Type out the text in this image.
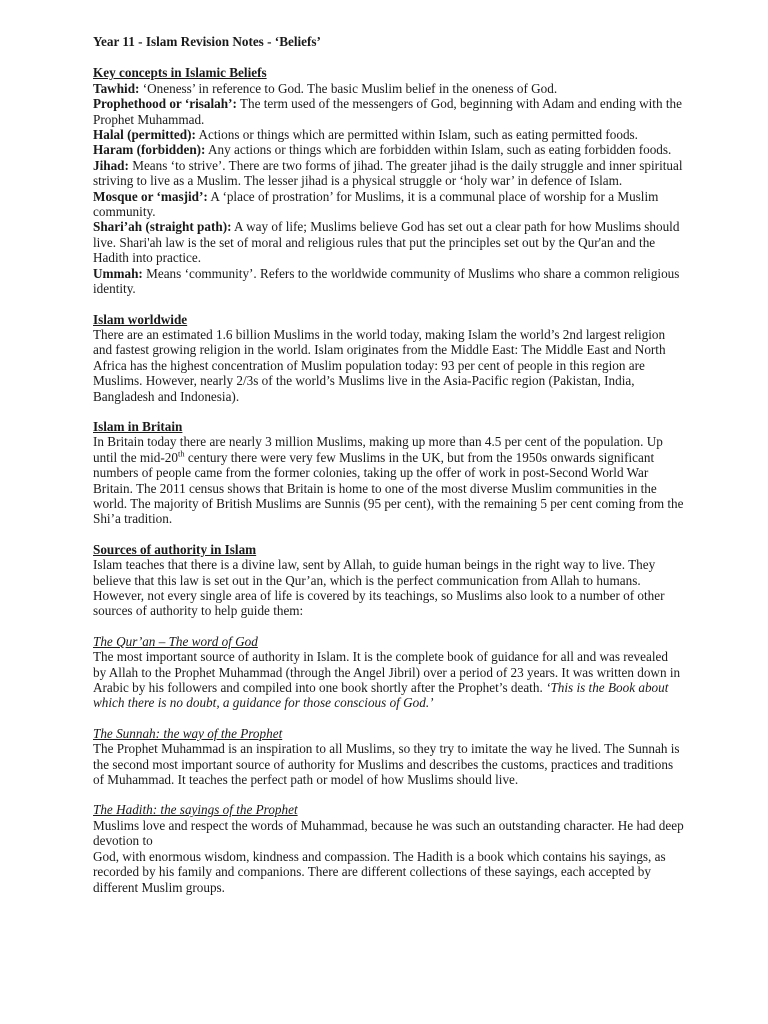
Year 11 - Islam Revision Notes - ‘Beliefs’

Key concepts in Islamic Beliefs

Tawhid: ‘Oneness’ in reference to God. The basic Muslim belief in the oneness of God.

Prophethood or ‘risalah’: The term used of the messengers of God, beginning with Adam and ending with the Prophet Muhammad.

Halal (permitted): Actions or things which are permitted within Islam, such as eating permitted foods.

Haram (forbidden): Any actions or things which are forbidden within Islam, such as eating forbidden foods.

Jihad: Means ‘to strive’. There are two forms of jihad. The greater jihad is the daily struggle and inner spiritual striving to live as a Muslim. The lesser jihad is a physical struggle or ‘holy war’ in defence of Islam.

Mosque or ‘masjid’: A ‘place of prostration’ for Muslims, it is a communal place of worship for a Muslim community.

Shari’ah (straight path): A way of life; Muslims believe God has set out a clear path for how Muslims should live. Shari'ah law is the set of moral and religious rules that put the principles set out by the Qur'an and the Hadith into practice.

Ummah: Means ‘community’. Refers to the worldwide community of Muslims who share a common religious identity.

Islam worldwide

There are an estimated 1.6 billion Muslims in the world today, making Islam the world’s 2nd largest religion and fastest growing religion in the world. Islam originates from the Middle East: The Middle East and North Africa has the highest concentration of Muslim population today: 93 per cent of people in this region are Muslims. However, nearly 2/3s of the world’s Muslims live in the Asia-Pacific region (Pakistan, India, Bangladesh and Indonesia).

Islam in Britain

In Britain today there are nearly 3 million Muslims, making up more than 4.5 per cent of the population. Up until the mid-20th century there were very few Muslims in the UK, but from the 1950s onwards significant numbers of people came from the former colonies, taking up the offer of work in post-Second World War Britain. The 2011 census shows that Britain is home to one of the most diverse Muslim communities in the world. The majority of British Muslims are Sunnis (95 per cent), with the remaining 5 per cent coming from the Shi’a tradition.

Sources of authority in Islam

Islam teaches that there is a divine law, sent by Allah, to guide human beings in the right way to live. They believe that this law is set out in the Qur’an, which is the perfect communication from Allah to humans. However, not every single area of life is covered by its teachings, so Muslims also look to a number of other sources of authority to help guide them:

The Qur’an – The word of God

The most important source of authority in Islam. It is the complete book of guidance for all and was revealed by Allah to the Prophet Muhammad (through the Angel Jibril) over a period of 23 years. It was written down in Arabic by his followers and compiled into one book shortly after the Prophet’s death. ‘This is the Book about which there is no doubt, a guidance for those conscious of God.’

The Sunnah: the way of the Prophet

The Prophet Muhammad is an inspiration to all Muslims, so they try to imitate the way he lived. The Sunnah is the second most important source of authority for Muslims and describes the customs, practices and traditions of Muhammad. It teaches the perfect path or model of how Muslims should live.

The Hadith: the sayings of the Prophet

Muslims love and respect the words of Muhammad, because he was such an outstanding character. He had deep devotion to

God, with enormous wisdom, kindness and compassion. The Hadith is a book which contains his sayings, as recorded by his family and companions. There are different collections of these sayings, each accepted by different Muslim groups.
